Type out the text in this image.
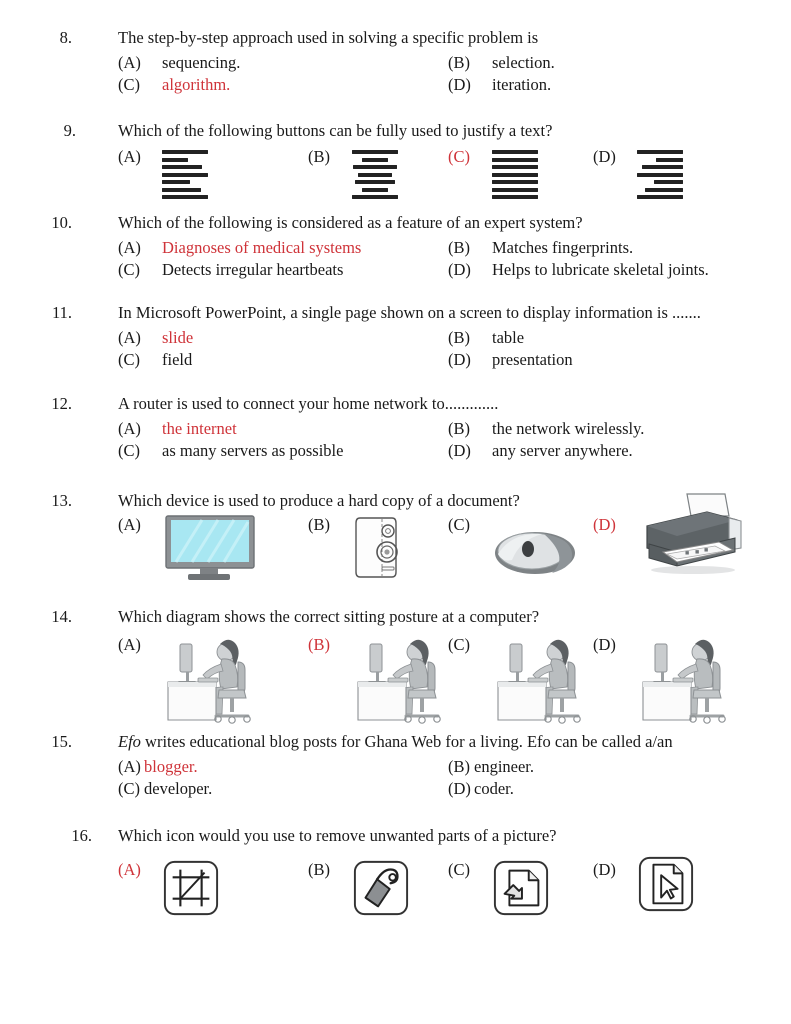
8.	The step-by-step approach used in solving a specific problem is
(A)	sequencing.	(B)	selection.
(C)	algorithm.	(D)	iteration.
9.	Which of the following buttons can be fully used to justify a text?
(A)	(B)	(C)	(D)
10.	Which of the following is considered as a feature of an expert system?
(A)	Diagnoses of medical systems	(B)	Matches fingerprints.
(C)	Detects irregular heartbeats	(D)	Helps to lubricate skeletal joints.
11.	In Microsoft PowerPoint, a single page shown on a screen to display information is .......
(A)	slide	(B)	table
(C)	field	(D)	presentation
12.	A router is used to connect your home network to.............
(A)	the internet	(B)	the network wirelessly.
(C)	as many servers as possible	(D)	any server anywhere.
13.	Which device is used to produce a hard copy of a document?
(A)	(B)	(C)	(D)
■ ■ ■
14.	Which diagram shows the correct sitting posture at a computer?
(A)	(B)	(C)	(D)
15.	Efo writes educational blog posts for Ghana Web for a living. Efo can be called a/an
(A) blogger.	(B) engineer.
(C) developer.	(D) coder.
16. Which icon would you use to remove unwanted parts of a picture?
(A)	(B)	(C)	(D)
